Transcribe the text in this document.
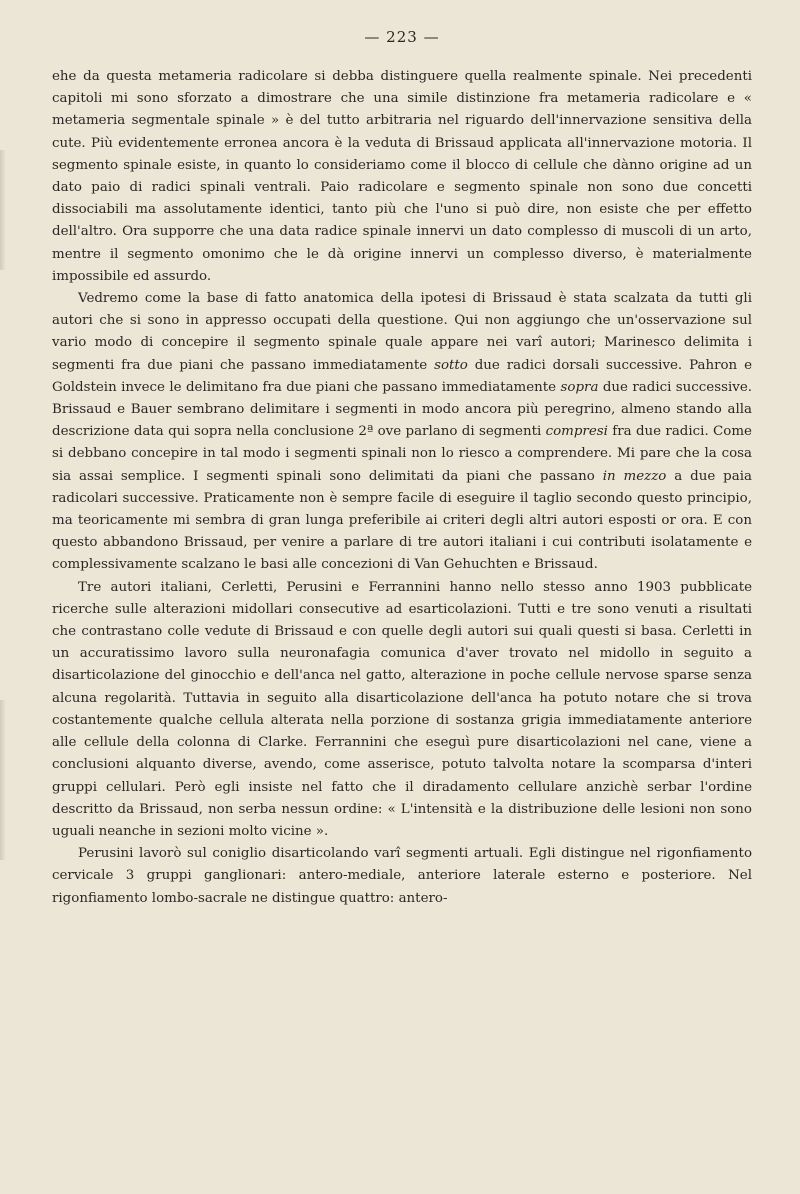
— 223 —

ehe da questa metameria radicolare si debba distinguere quella realmente spinale. Nei precedenti capitoli mi sono sforzato a dimostrare che una simile distinzione fra metameria radicolare e « metameria segmentale spinale » è del tutto arbitraria nel riguardo dell'innervazione sensitiva della cute. Più evidentemente erronea ancora è la veduta di Brissaud applicata all'innervazione motoria. Il segmento spinale esiste, in quanto lo consideriamo come il blocco di cellule che dànno origine ad un dato paio di radici spinali ventrali. Paio radicolare e segmento spinale non sono due concetti dissociabili ma assolutamente identici, tanto più che l'uno si può dire, non esiste che per effetto dell'altro. Ora supporre che una data radice spinale innervi un dato complesso di muscoli di un arto, mentre il segmento omonimo che le dà origine innervi un complesso diverso, è materialmente impossibile ed assurdo.

Vedremo come la base di fatto anatomica della ipotesi di Brissaud è stata scalzata da tutti gli autori che si sono in appresso occupati della questione. Qui non aggiungo che un'osservazione sul vario modo di concepire il segmento spinale quale appare nei varî autori; Marinesco delimita i segmenti fra due piani che passano immediatamente sotto due radici dorsali successive. Pahron e Goldstein invece le delimitano fra due piani che passano immediatamente sopra due radici successive. Brissaud e Bauer sembrano delimitare i segmenti in modo ancora più peregrino, almeno stando alla descrizione data qui sopra nella conclusione 2ª ove parlano di segmenti compresi fra due radici. Come si debbano concepire in tal modo i segmenti spinali non lo riesco a comprendere. Mi pare che la cosa sia assai semplice. I segmenti spinali sono delimitati da piani che passano in mezzo a due paia radicolari successive. Praticamente non è sempre facile di eseguire il taglio secondo questo principio, ma teoricamente mi sembra di gran lunga preferibile ai criteri degli altri autori esposti or ora. E con questo abbandono Brissaud, per venire a parlare di tre autori italiani i cui contributi isolatamente e complessivamente scalzano le basi alle concezioni di Van Gehuchten e Brissaud.

Tre autori italiani, Cerletti, Perusini e Ferrannini hanno nello stesso anno 1903 pubblicate ricerche sulle alterazioni midollari consecutive ad esarticolazioni. Tutti e tre sono venuti a risultati che contrastano colle vedute di Brissaud e con quelle degli autori sui quali questi si basa. Cerletti in un accuratissimo lavoro sulla neuronafagia comunica d'aver trovato nel midollo in seguito a disarticolazione del ginocchio e dell'anca nel gatto, alterazione in poche cellule nervose sparse senza alcuna regolarità. Tuttavia in seguito alla disarticolazione dell'anca ha potuto notare che si trova costantemente qualche cellula alterata nella porzione di sostanza grigia immediatamente anteriore alle cellule della colonna di Clarke. Ferrannini che eseguì pure disarticolazioni nel cane, viene a conclusioni alquanto diverse, avendo, come asserisce, potuto talvolta notare la scomparsa d'interi gruppi cellulari. Però egli insiste nel fatto che il diradamento cellulare anzichè serbar l'ordine descritto da Brissaud, non serba nessun ordine: « L'intensità e la distribuzione delle lesioni non sono uguali neanche in sezioni molto vicine ».

Perusini lavorò sul coniglio disarticolando varî segmenti artuali. Egli distingue nel rigonfiamento cervicale 3 gruppi ganglionari: antero-mediale, anteriore laterale esterno e posteriore. Nel rigonfiamento lombo-sacrale ne distingue quattro: antero-
